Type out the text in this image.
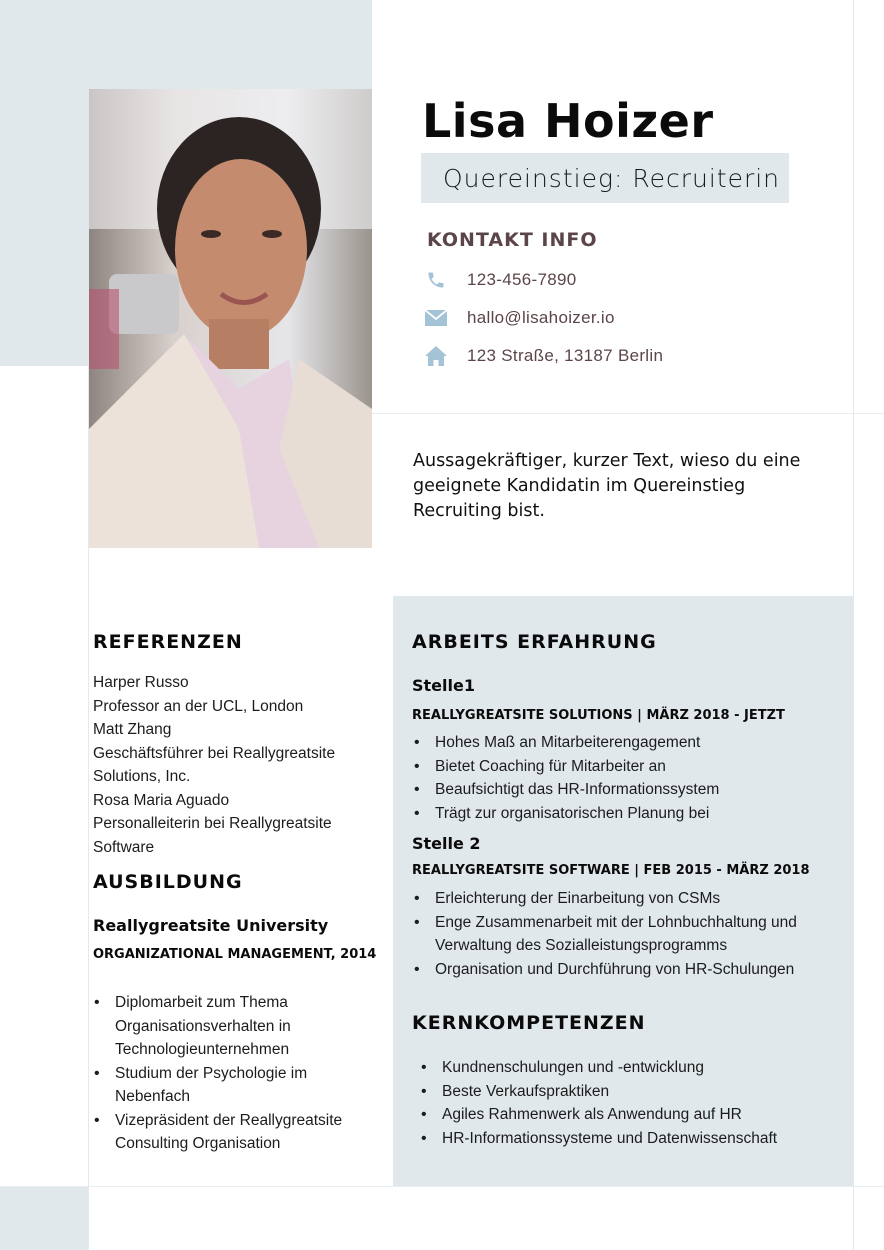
Lisa Hoizer
Quereinstieg: Recruiterin
KONTAKT INFO
123-456-7890
hallo@lisahoizer.io
123 Straße, 13187 Berlin
Aussagekräftiger, kurzer Text, wieso du eine geeignete Kandidatin im Quereinstieg Recruiting bist.
REFERENZEN
Harper Russo
Professor an der UCL, London
Matt Zhang
Geschäftsführer bei Reallygreatsite
Solutions, Inc.
Rosa Maria Aguado
Personalleiterin bei Reallygreatsite
Software
AUSBILDUNG
Reallygreatsite University
ORGANIZATIONAL MANAGEMENT, 2014
• Diplomarbeit zum Thema Organisationsverhalten in Technologieunternehmen
• Studium der Psychologie im Nebenfach
• Vizepräsident der Reallygreatsite Consulting Organisation
ARBEITS ERFAHRUNG
Stelle1
REALLYGREATSITE SOLUTIONS | MÄRZ 2018 - JETZT
• Hohes Maß an Mitarbeiterengagement
• Bietet Coaching für Mitarbeiter an
• Beaufsichtigt das HR-Informationssystem
• Trägt zur organisatorischen Planung bei
Stelle 2
REALLYGREATSITE SOFTWARE | FEB 2015 - MÄRZ 2018
• Erleichterung der Einarbeitung von CSMs
• Enge Zusammenarbeit mit der Lohnbuchhaltung und Verwaltung des Sozialleistungsprogramms
• Organisation und Durchführung von HR-Schulungen
KERNKOMPETENZEN
• Kundnenschulungen und -entwicklung
• Beste Verkaufspraktiken
• Agiles Rahmenwerk als Anwendung auf HR
• HR-Informationssysteme und Datenwissenschaft
